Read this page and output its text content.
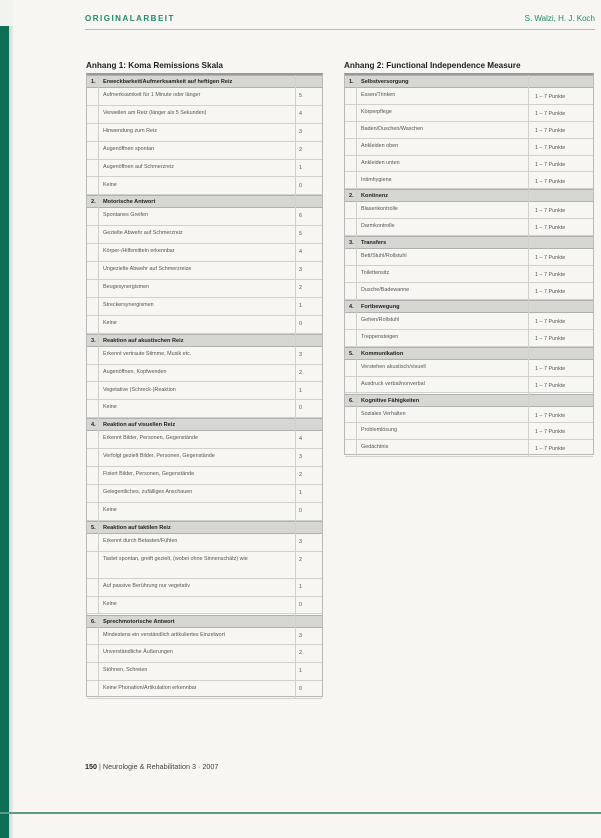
ORIGINALARBEIT	S. Walzi, H. J. Koch
Anhang 1: Koma Remissions Skala
1. Erweckbarkeit/Aufmerksamkeit auf heftigen Reiz
Aufmerksamkeit für 1 Minute oder länger	5
Verweilen am Reiz (länger als 5 Sekunden)	4
Hinwendung zum Reiz	3
Augenöffnen spontan	2
Augenöffnen auf Schmerzreiz	1
Keine	0
2. Motorische Antwort
Spontanes Greifen	6
Gezielte Abwehr auf Schmerzreiz	5
Körper-/Hilfsmitteln erkennbar	4
Ungezielte Abwehr auf Schmerzreize	3
Beugesynergismen	2
Streckersynergismen	1
Keine	0
3. Reaktion auf akustischen Reiz
Erkennt vertraute Stimme, Musik etc.	3
Augenöffnen, Kopfwenden	2
Vegetative (Schreck-)Reaktion	1
Keine	0
4. Reaktion auf visuellen Reiz
Erkennt Bilder, Personen, Gegenstände	4
Verfolgt gezielt Bilder, Personen, Gegenstände	3
Fixiert Bilder, Personen, Gegenstände	2
Gelegentliches, zufälliges Anschauen	1
Keine	0
5. Reaktion auf taktilen Reiz
Erkennt durch Betasten/Fühlen	3
Tastet spontan, greift gezielt, (wobei ohne Sinnenschätz) wie	2
Auf passive Berührung nur vegetativ	1
Keine	0
6. Sprechmotorische Antwort
Mindestens ein verständlich artikuliertes Einzelwort	3
Unverständliche Äußerungen	2
Stöhnen, Schreien	1
Keine Phonation/Artikulation erkennbar	0
Anhang 2: Functional Independence Measure
1. Selbstversorgung
Essen/Trinken	1 – 7 Punkte
Körperpflege	1 – 7 Punkte
Baden/Duschen/Waschen	1 – 7 Punkte
Ankleiden oben	1 – 7 Punkte
Ankleiden unten	1 – 7 Punkte
Intimhygiene	1 – 7 Punkte
2. Kontinenz
Blasenkontrolle	1 – 7 Punkte
Darmkontrolle	1 – 7 Punkte
3. Transfers
Bett/Stuhl/Rollstuhl	1 – 7 Punkte
Toilettensitz	1 – 7 Punkte
Dusche/Badewanne	1 – 7 Punkte
4. Fortbewegung
Gehen/Rollstuhl	1 – 7 Punkte
Treppensteigen	1 – 7 Punkte
5. Kommunikation
Verstehen akustisch/visuell	1 – 7 Punkte
Ausdruck verbal/nonverbal	1 – 7 Punkte
6. Kognitive Fähigkeiten
Soziales Verhalten	1 – 7 Punkte
Problemlösung	1 – 7 Punkte
Gedächtnis	1 – 7 Punkte
150 | Neurologie & Rehabilitation 3 · 2007
